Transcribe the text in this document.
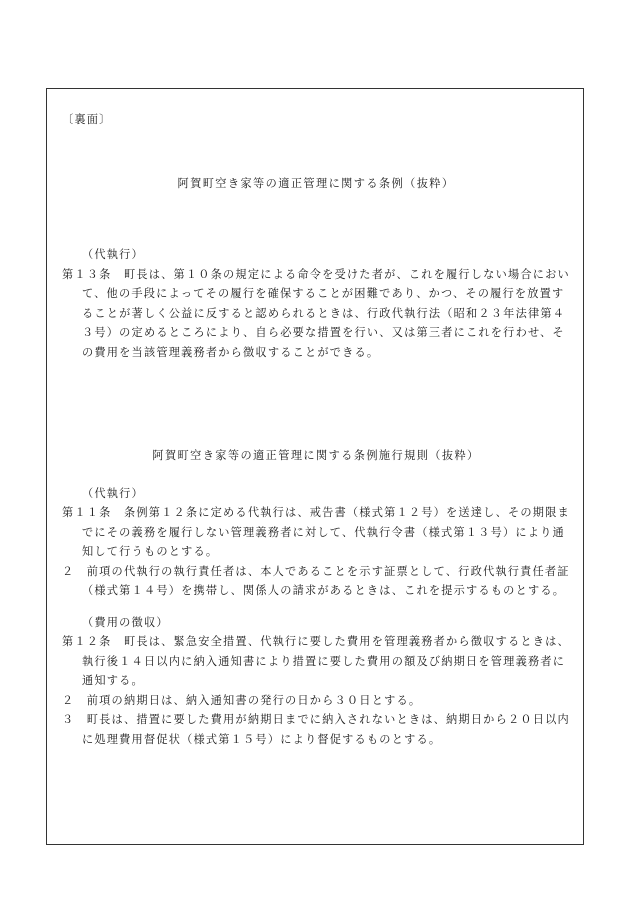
〔裏面〕

阿賀町空き家等の適正管理に関する条例（抜粋）

（代執行）

第１３条　町長は、第１０条の規定による命令を受けた者が、これを履行しない場合において、他の手段によってその履行を確保することが困難であり、かつ、その履行を放置することが著しく公益に反すると認められるときは、行政代執行法（昭和２３年法律第４３号）の定めるところにより、自ら必要な措置を行い、又は第三者にこれを行わせ、その費用を当該管理義務者から徴収することができる。

阿賀町空き家等の適正管理に関する条例施行規則（抜粋）

（代執行）

第１１条　条例第１２条に定める代執行は、戒告書（様式第１２号）を送達し、その期限までにその義務を履行しない管理義務者に対して、代執行令書（様式第１３号）により通知して行うものとする。

２　前項の代執行の執行責任者は、本人であることを示す証票として、行政代執行責任者証（様式第１４号）を携帯し、関係人の請求があるときは、これを提示するものとする。

（費用の徴収）

第１２条　町長は、緊急安全措置、代執行に要した費用を管理義務者から徴収するときは、執行後１４日以内に納入通知書により措置に要した費用の額及び納期日を管理義務者に通知する。

２　前項の納期日は、納入通知書の発行の日から３０日とする。

３　町長は、措置に要した費用が納期日までに納入されないときは、納期日から２０日以内に処理費用督促状（様式第１５号）により督促するものとする。
